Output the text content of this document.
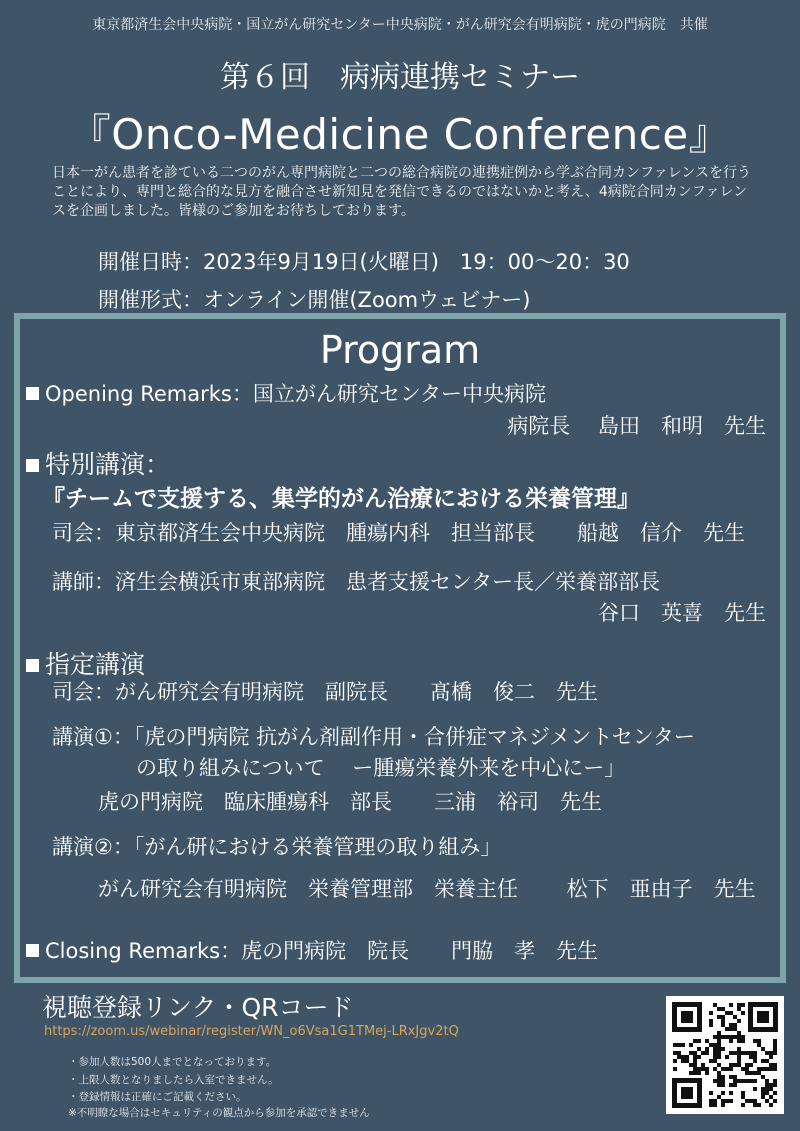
東京都済生会中央病院・国立がん研究センター中央病院・がん研究会有明病院・虎の門病院　共催
第６回　病病連携セミナー
『Onco-Medicine Conference』
日本一がん患者を診ている二つのがん専門病院と二つの総合病院の連携症例から学ぶ合同カンファレンスを行うことにより、専門と総合的な見方を融合させ新知見を発信できるのではないかと考え、4病院合同カンファレンスを企画しました。皆様のご参加をお待ちしております。
開催日時：2023年9月19日(火曜日)　19：00～20：30
開催形式：オンライン開催(Zoomウェビナー)
Program
Opening Remarks：国立がん研究センター中央病院
病院長　 島田　和明　先生
特別講演：
『チームで支援する、集学的がん治療における栄養管理』
司会：東京都済生会中央病院　腫瘍内科　担当部長　　船越　信介　先生
講師：済生会横浜市東部病院　患者支援センター長／栄養部部長
谷口　英喜　先生
指定講演
司会：がん研究会有明病院　副院長　　髙橋　俊二　先生
講演①：「虎の門病院 抗がん剤副作用・合併症マネジメントセンター
の取り組みについて　 ー腫瘍栄養外来を中心にー」
虎の門病院　臨床腫瘍科　部長　　三浦　裕司　先生
講演②：「がん研における栄養管理の取り組み」
がん研究会有明病院　栄養管理部　栄養主任　　 松下　亜由子　先生
Closing Remarks：虎の門病院　院長　　門脇　孝　先生
視聴登録リンク・QRコード
https://zoom.us/webinar/register/WN_o6Vsa1G1TMej-LRxJgv2tQ
・参加人数は500人までとなっております。
・上限人数となりましたら入室できません。
・登録情報は正確にご記載ください。
※不明瞭な場合はセキュリティの観点から参加を承認できません
